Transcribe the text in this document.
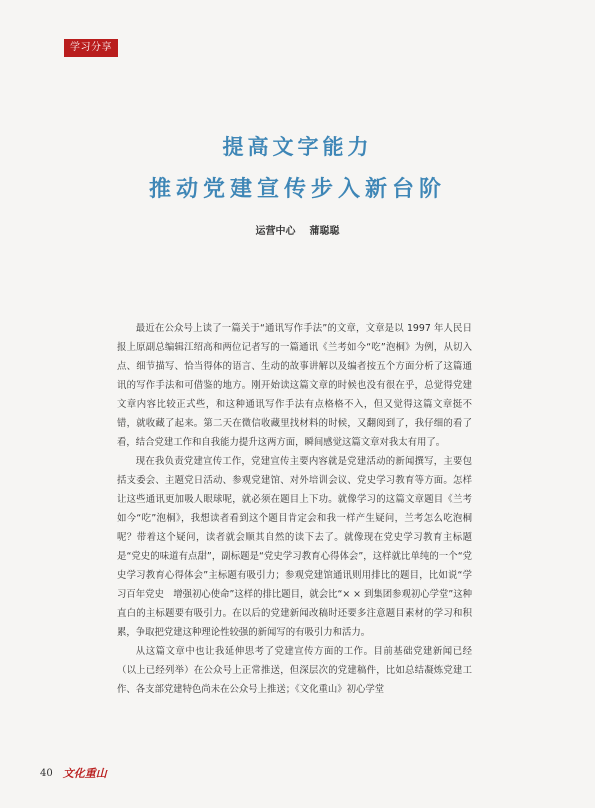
学习分享
提高文字能力
推动党建宣传步入新台阶
运营中心 蒲聪聪

最近在公众号上读了一篇关于“通讯写作手法”的文章，文章是以 1997 年人民日报上原副总编辑江绍高和两位记者写的一篇通讯《兰考如今“吃”泡桐》为例，从切入点、细节描写、恰当得体的语言、生动的故事讲解以及编者按五个方面分析了这篇通讯的写作手法和可借鉴的地方。刚开始读这篇文章的时候也没有很在乎，总觉得党建文章内容比较正式些，和这种通讯写作手法有点格格不入，但又觉得这篇文章挺不错，就收藏了起来。第二天在微信收藏里找材料的时候，又翻阅到了，我仔细的看了看，结合党建工作和自我能力提升这两方面，瞬间感觉这篇文章对我太有用了。

现在我负责党建宣传工作，党建宣传主要内容就是党建活动的新闻撰写，主要包括支委会、主题党日活动、参观党建馆、对外培训会议、党史学习教育等方面。怎样让这些通讯更加吸人眼球呢，就必须在题目上下功。就像学习的这篇文章题目《兰考如今“吃”泡桐》，我想读者看到这个题目肯定会和我一样产生疑问，兰考怎么吃泡桐呢？带着这个疑问，读者就会顺其自然的读下去了。就像现在党史学习教育主标题是“党史的味道有点甜”，副标题是“党史学习教育心得体会”，这样就比单纯的一个“党史学习教育心得体会”主标题有吸引力；参观党建馆通讯则用排比的题目，比如说“学习百年党史　增强初心使命”这样的排比题目，就会比“× × 到集团参观初心学堂”这种直白的主标题要有吸引力。在以后的党建新闻改稿时还要多注意题目素材的学习和积累，争取把党建这种理论性较强的新闻写的有吸引力和活力。

从这篇文章中也让我延伸思考了党建宣传方面的工作。目前基础党建新闻已经（以上已经列举）在公众号上正常推送，但深层次的党建稿件，比如总结凝炼党建工作、各支部党建特色尚未在公众号上推送；《文化重山》初心学堂

40 文化重山
